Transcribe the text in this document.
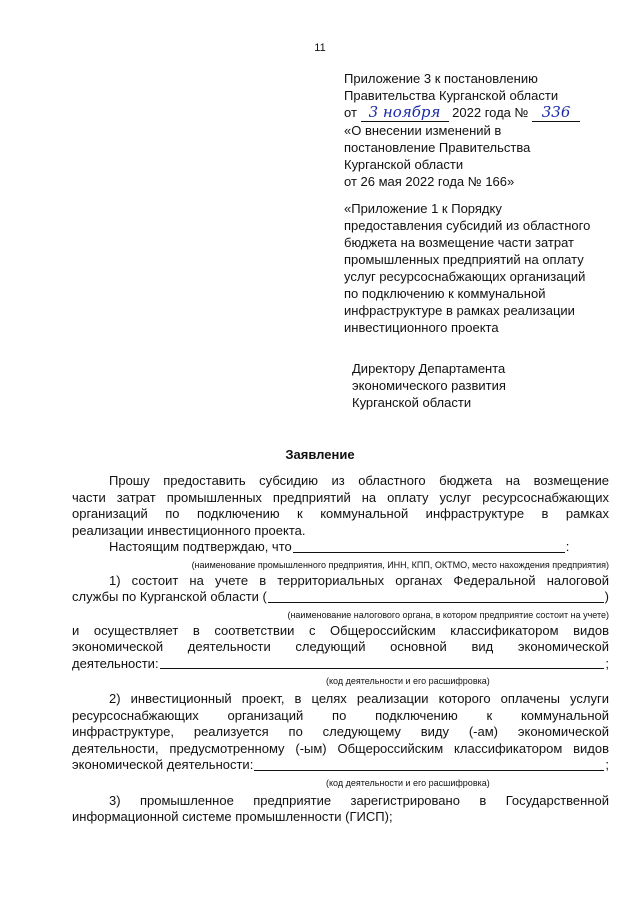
11
Приложение 3 к постановлению
Правительства Курганской области
от 3 ноября 2022 года № 336
«О внесении изменений в
постановление Правительства
Курганской области
от 26 мая 2022 года № 166»
«Приложение 1 к Порядку
предоставления субсидий из областного
бюджета на возмещение части затрат
промышленных предприятий на оплату
услуг ресурсоснабжающих организаций
по подключению к коммунальной
инфраструктуре в рамках реализации
инвестиционного проекта
Директору Департамента
экономического развития
Курганской области
Заявление
Прошу предоставить субсидию из областного бюджета на возмещение
части затрат промышленных предприятий на оплату услуг ресурсоснабжающих
организаций по подключению к коммунальной инфраструктуре в рамках
реализации инвестиционного проекта.
Настоящим подтверждаю, что	:
(наименование промышленного предприятия, ИНН, КПП, ОКТМО, место нахождения предприятия)
1) состоит на учете в территориальных органах Федеральной налоговой
службы по Курганской области (	)
(наименование налогового органа, в котором предприятие состоит на учете)
и осуществляет в соответствии с Общероссийским классификатором видов
экономической деятельности следующий основной вид экономической
деятельности:	;
(код деятельности и его расшифровка)
2) инвестиционный проект, в целях реализации которого оплачены услуги
ресурсоснабжающих организаций по подключению к коммунальной
инфраструктуре, реализуется по следующему виду (-ам) экономической
деятельности, предусмотренному (-ым) Общероссийским классификатором видов
экономической деятельности:	;
(код деятельности и его расшифровка)
3) промышленное предприятие зарегистрировано в Государственной
информационной системе промышленности (ГИСП);
